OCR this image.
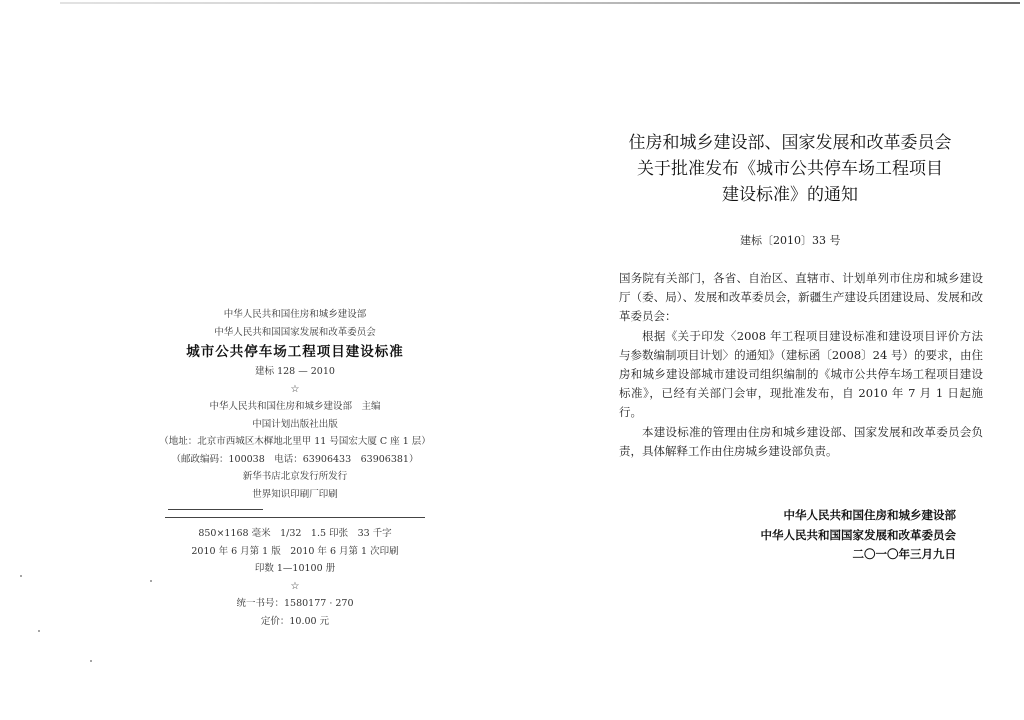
中华人民共和国住房和城乡建设部
中华人民共和国国家发展和改革委员会
城市公共停车场工程项目建设标准
建标 128 — 2010
☆
中华人民共和国住房和城乡建设部　主编
中国计划出版社出版
（地址：北京市西城区木樨地北里甲 11 号国宏大厦 C 座 1 层）
（邮政编码：100038　电话：63906433　63906381）
新华书店北京发行所发行
世界知识印刷厂印刷
850×1168 毫米　1/32　1.5 印张　33 千字
2010 年 6 月第 1 版　2010 年 6 月第 1 次印刷
印数 1—10100 册
☆
统一书号：1580177 · 270
定价：10.00 元
住房和城乡建设部、国家发展和改革委员会
关于批准发布《城市公共停车场工程项目
建设标准》的通知
建标〔2010〕33 号

国务院有关部门，各省、自治区、直辖市、计划单列市住房和城乡建设厅（委、局）、发展和改革委员会，新疆生产建设兵团建设局、发展和改革委员会：

根据《关于印发〈2008 年工程项目建设标准和建设项目评价方法与参数编制项目计划〉的通知》（建标函〔2008〕24 号）的要求，由住房和城乡建设部城市建设司组织编制的《城市公共停车场工程项目建设标准》，已经有关部门会审，现批准发布，自 2010 年 7 月 1 日起施行。

本建设标准的管理由住房和城乡建设部、国家发展和改革委员会负责，具体解释工作由住房城乡建设部负责。

中华人民共和国住房和城乡建设部
中华人民共和国国家发展和改革委员会
二〇一〇年三月九日
